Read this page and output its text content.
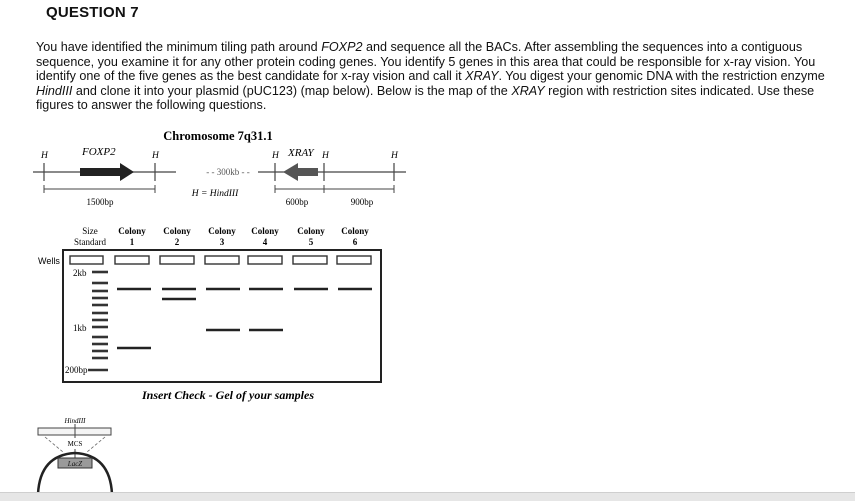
QUESTION 7
You have identified the minimum tiling path around FOXP2 and sequence all the BACs. After assembling the sequences into a contiguous sequence, you examine it for any other protein coding genes. You identify 5 genes in this area that could be responsible for x-ray vision. You identify one of the five genes as the best candidate for x-ray vision and call it XRAY. You digest your genomic DNA with the restriction enzyme HindIII and clone it into your plasmid (pUC123) (map below). Below is the map of the XRAY region with restriction sites indicated. Use these figures to answer the following questions.
Chromosome 7q31.1
H	H	H	H	H
FOXP2	XRAY
- - 300kb - -
H = HindIII
1500bp	600bp	900bp
Size
Standard
Colony
1
Colony
2
Colony
3
Colony
4
Colony
5
Colony
6
Wells
2kb
1kb
200bp
Insert Check - Gel of your samples
HindIII
MCS
LacZ
